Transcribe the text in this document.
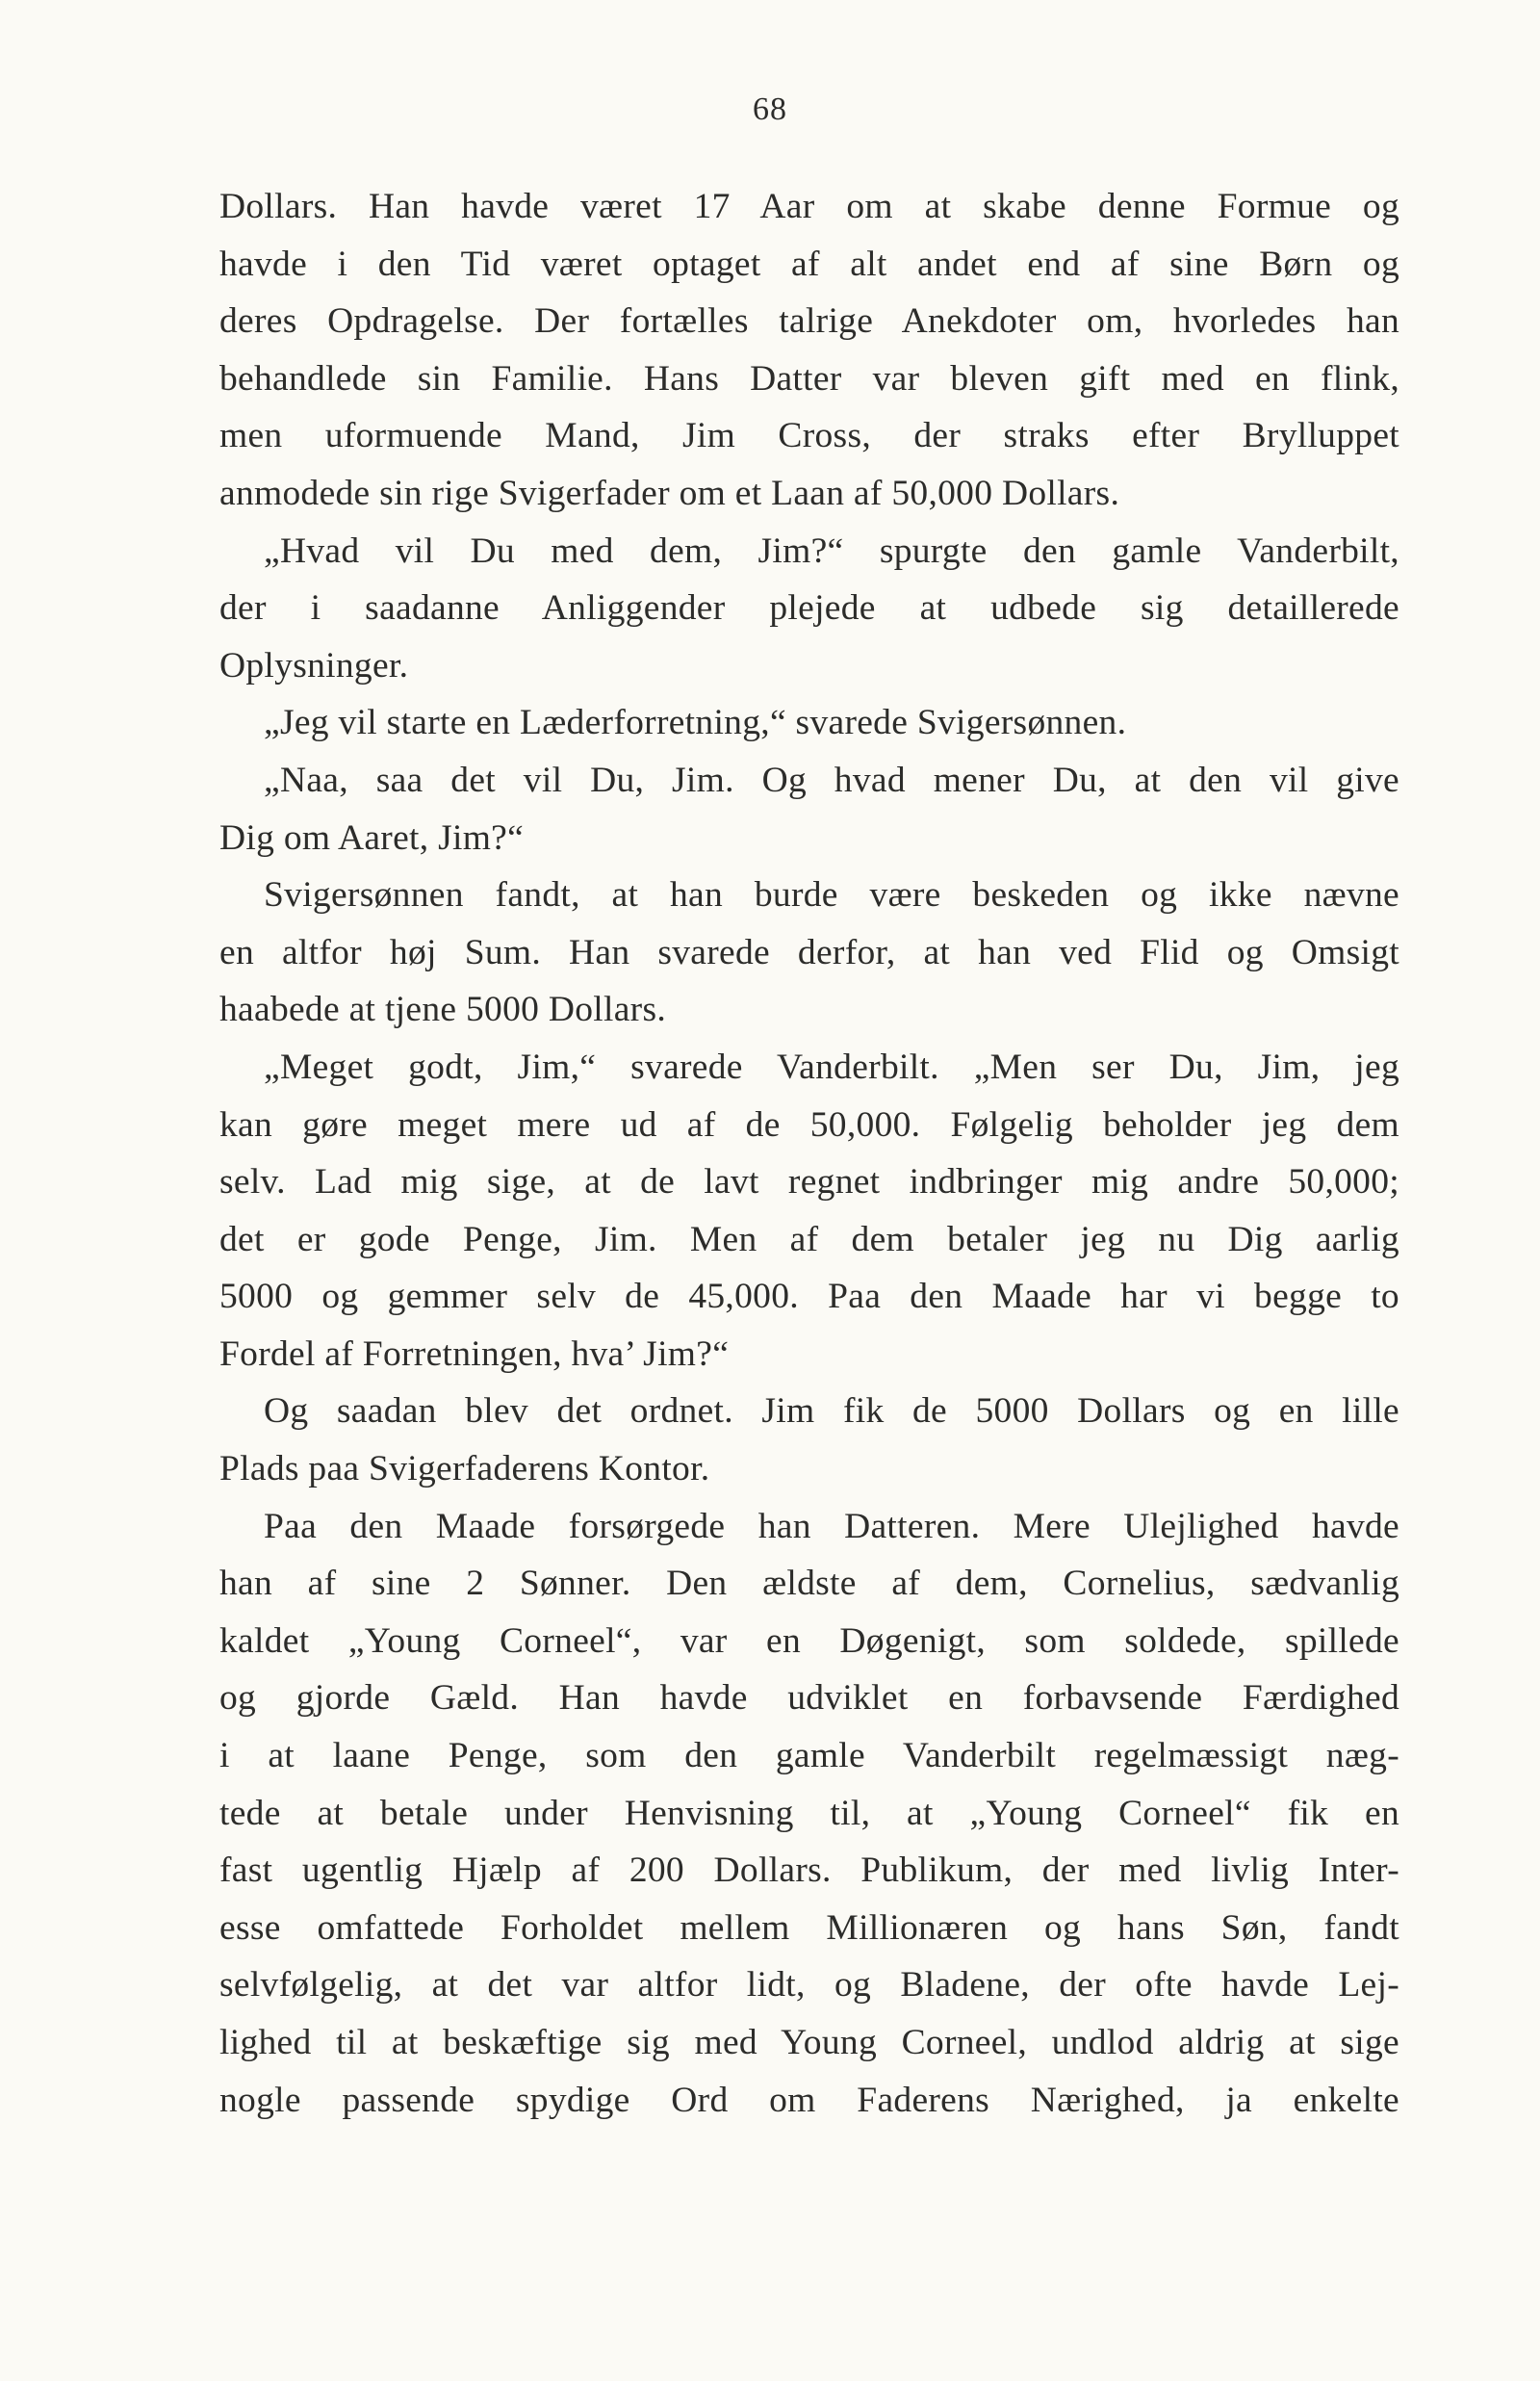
68
Dollars. Han havde været 17 Aar om at skabe denne Formue og
havde i den Tid været optaget af alt andet end af sine Børn og
deres Opdragelse. Der fortælles talrige Anekdoter om, hvorledes han
behandlede sin Familie. Hans Datter var bleven gift med en flink,
men uformuende Mand, Jim Cross, der straks efter Brylluppet
anmodede sin rige Svigerfader om et Laan af 50,000 Dollars.
„Hvad vil Du med dem, Jim?“ spurgte den gamle Vanderbilt,
der i saadanne Anliggender plejede at udbede sig detaillerede
Oplysninger.
„Jeg vil starte en Læderforretning,“ svarede Svigersønnen.
„Naa, saa det vil Du, Jim. Og hvad mener Du, at den vil give
Dig om Aaret, Jim?“
Svigersønnen fandt, at han burde være beskeden og ikke nævne
en altfor høj Sum. Han svarede derfor, at han ved Flid og Omsigt
haabede at tjene 5000 Dollars.
„Meget godt, Jim,“ svarede Vanderbilt. „Men ser Du, Jim, jeg
kan gøre meget mere ud af de 50,000. Følgelig beholder jeg dem
selv. Lad mig sige, at de lavt regnet indbringer mig andre 50,000;
det er gode Penge, Jim. Men af dem betaler jeg nu Dig aarlig
5000 og gemmer selv de 45,000. Paa den Maade har vi begge to
Fordel af Forretningen, hva’ Jim?“
Og saadan blev det ordnet. Jim fik de 5000 Dollars og en lille
Plads paa Svigerfaderens Kontor.
Paa den Maade forsørgede han Datteren. Mere Ulejlighed havde
han af sine 2 Sønner. Den ældste af dem, Cornelius, sædvanlig
kaldet „Young Corneel“, var en Døgenigt, som soldede, spillede
og gjorde Gæld. Han havde udviklet en forbavsende Færdighed
i at laane Penge, som den gamle Vanderbilt regelmæssigt næg-
tede at betale under Henvisning til, at „Young Corneel“ fik en
fast ugentlig Hjælp af 200 Dollars. Publikum, der med livlig Inter-
esse omfattede Forholdet mellem Millionæren og hans Søn, fandt
selvfølgelig, at det var altfor lidt, og Bladene, der ofte havde Lej-
lighed til at beskæftige sig med Young Corneel, undlod aldrig at sige
nogle passende spydige Ord om Faderens Nærighed, ja enkelte
